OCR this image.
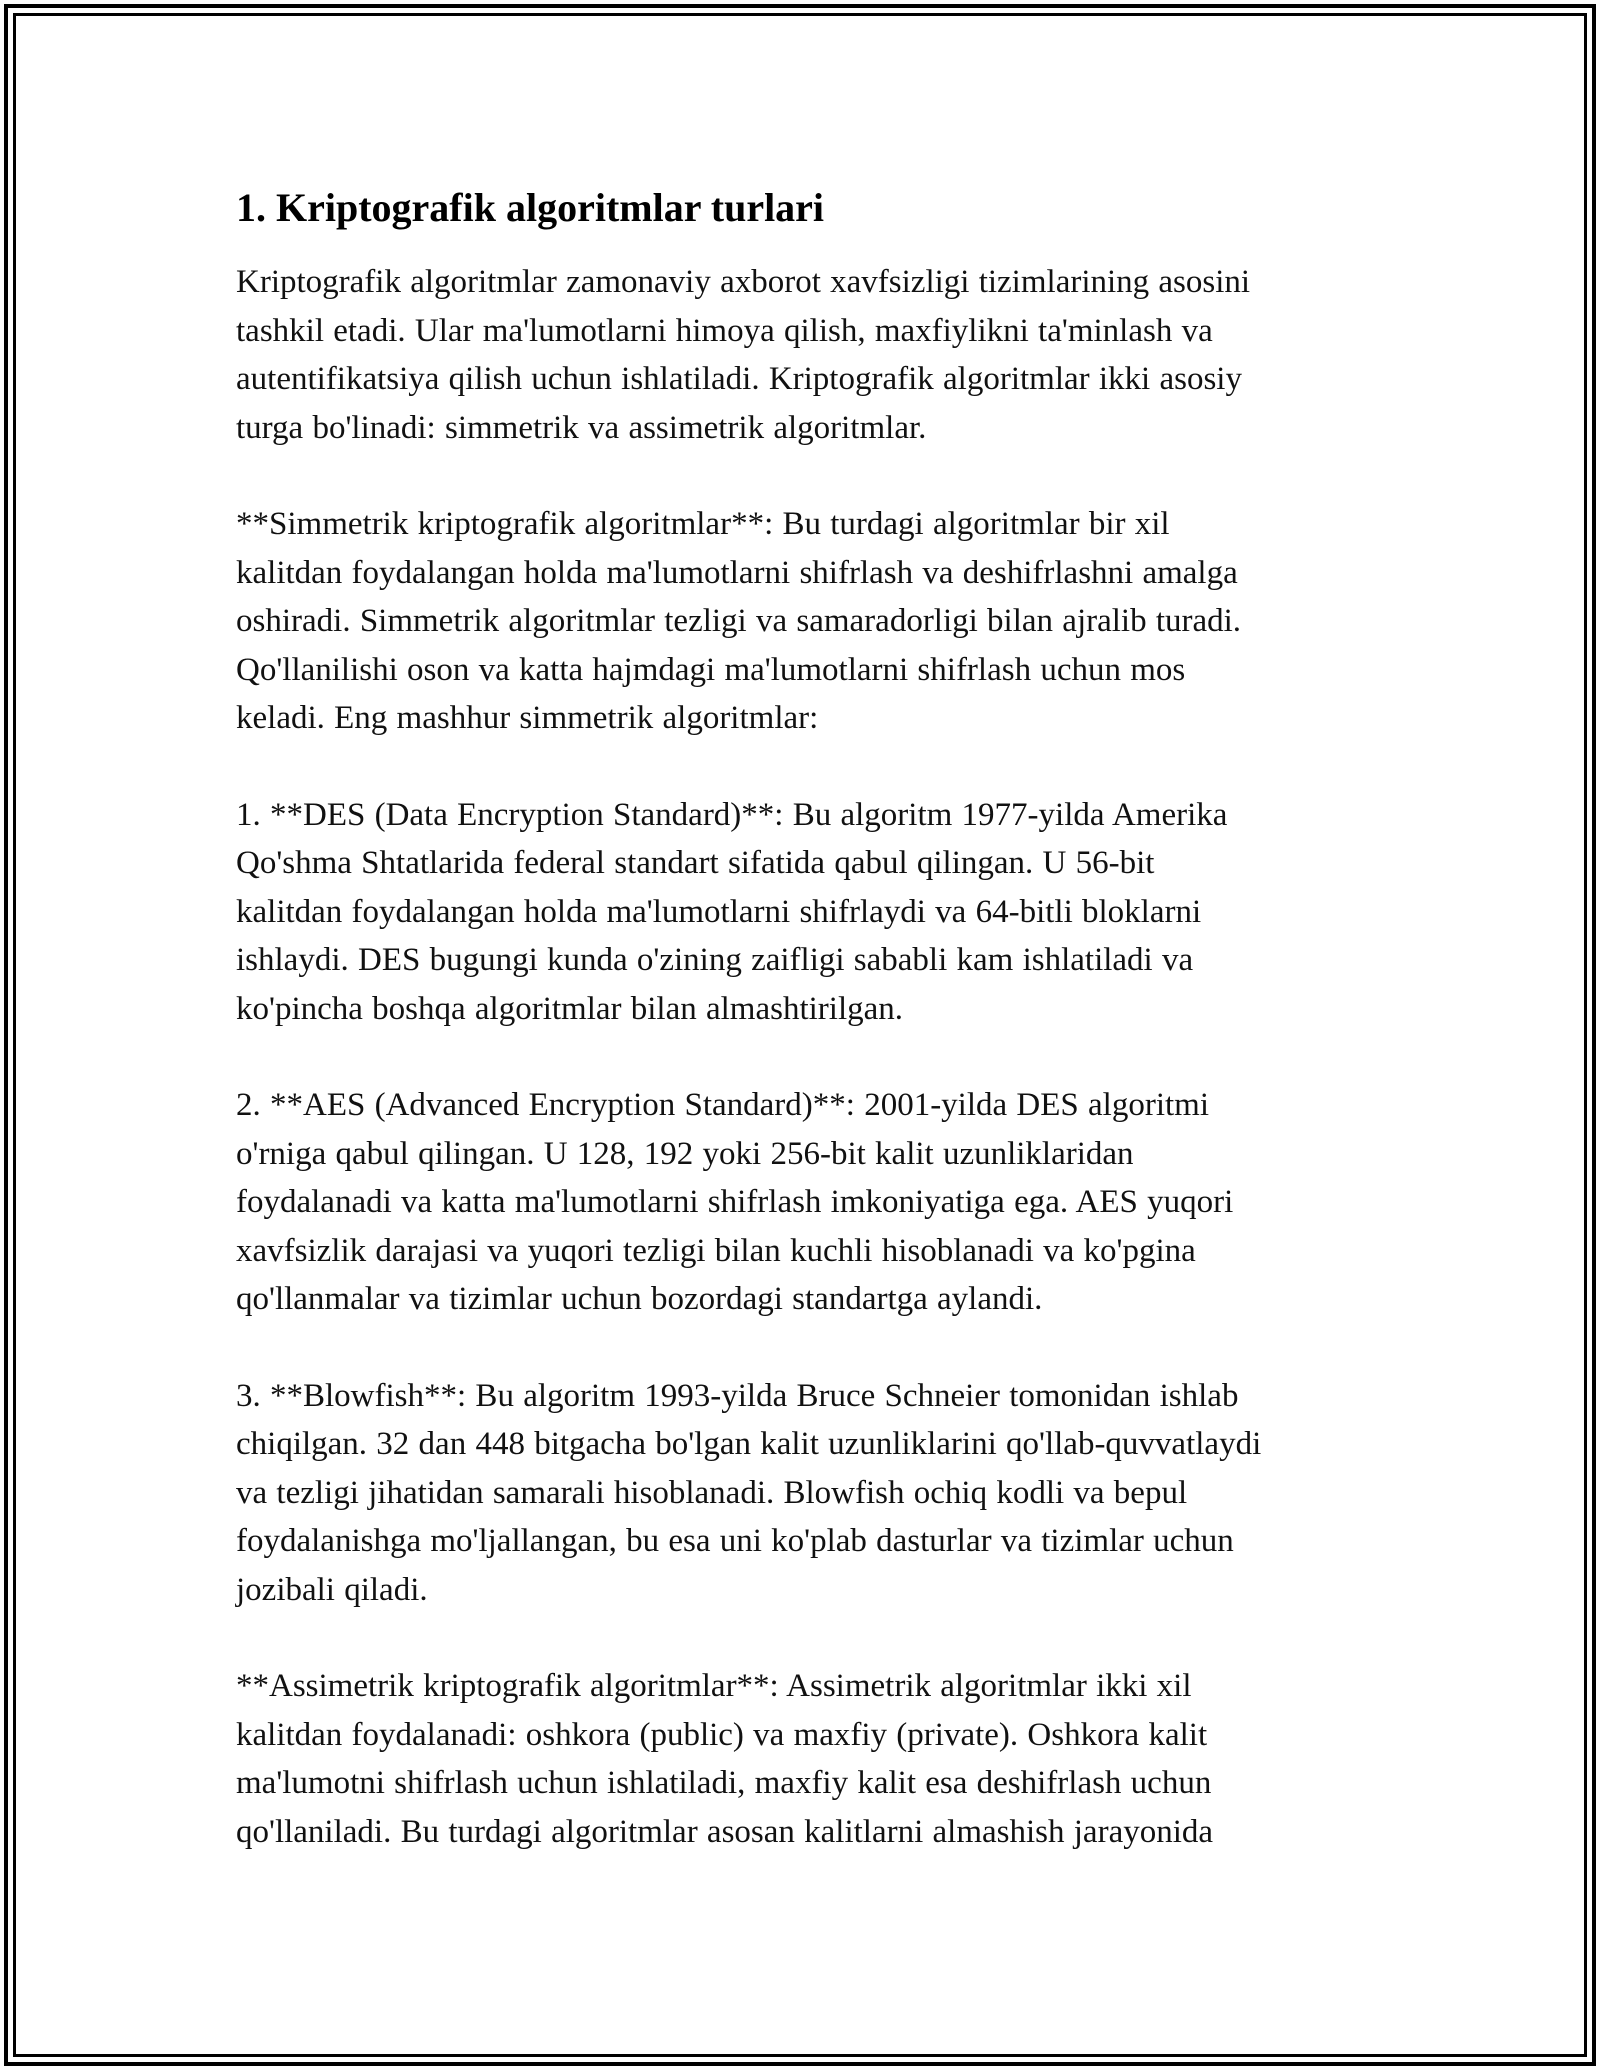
1. Kriptografik algoritmlar turlari

Kriptografik algoritmlar zamonaviy axborot xavfsizligi tizimlarining asosini
tashkil etadi. Ular ma'lumotlarni himoya qilish, maxfiylikni ta'minlash va
autentifikatsiya qilish uchun ishlatiladi. Kriptografik algoritmlar ikki asosiy
turga bo'linadi: simmetrik va assimetrik algoritmlar.

**Simmetrik kriptografik algoritmlar**: Bu turdagi algoritmlar bir xil
kalitdan foydalangan holda ma'lumotlarni shifrlash va deshifrlashni amalga
oshiradi. Simmetrik algoritmlar tezligi va samaradorligi bilan ajralib turadi.
Qo'llanilishi oson va katta hajmdagi ma'lumotlarni shifrlash uchun mos
keladi. Eng mashhur simmetrik algoritmlar:

1. **DES (Data Encryption Standard)**: Bu algoritm 1977-yilda Amerika
Qo'shma Shtatlarida federal standart sifatida qabul qilingan. U 56-bit
kalitdan foydalangan holda ma'lumotlarni shifrlaydi va 64-bitli bloklarni
ishlaydi. DES bugungi kunda o'zining zaifligi sababli kam ishlatiladi va
ko'pincha boshqa algoritmlar bilan almashtirilgan.

2. **AES (Advanced Encryption Standard)**: 2001-yilda DES algoritmi
o'rniga qabul qilingan. U 128, 192 yoki 256-bit kalit uzunliklaridan
foydalanadi va katta ma'lumotlarni shifrlash imkoniyatiga ega. AES yuqori
xavfsizlik darajasi va yuqori tezligi bilan kuchli hisoblanadi va ko'pgina
qo'llanmalar va tizimlar uchun bozordagi standartga aylandi.

3. **Blowfish**: Bu algoritm 1993-yilda Bruce Schneier tomonidan ishlab
chiqilgan. 32 dan 448 bitgacha bo'lgan kalit uzunliklarini qo'llab-quvvatlaydi
va tezligi jihatidan samarali hisoblanadi. Blowfish ochiq kodli va bepul
foydalanishga mo'ljallangan, bu esa uni ko'plab dasturlar va tizimlar uchun
jozibali qiladi.

**Assimetrik kriptografik algoritmlar**: Assimetrik algoritmlar ikki xil
kalitdan foydalanadi: oshkora (public) va maxfiy (private). Oshkora kalit
ma'lumotni shifrlash uchun ishlatiladi, maxfiy kalit esa deshifrlash uchun
qo'llaniladi. Bu turdagi algoritmlar asosan kalitlarni almashish jarayonida
